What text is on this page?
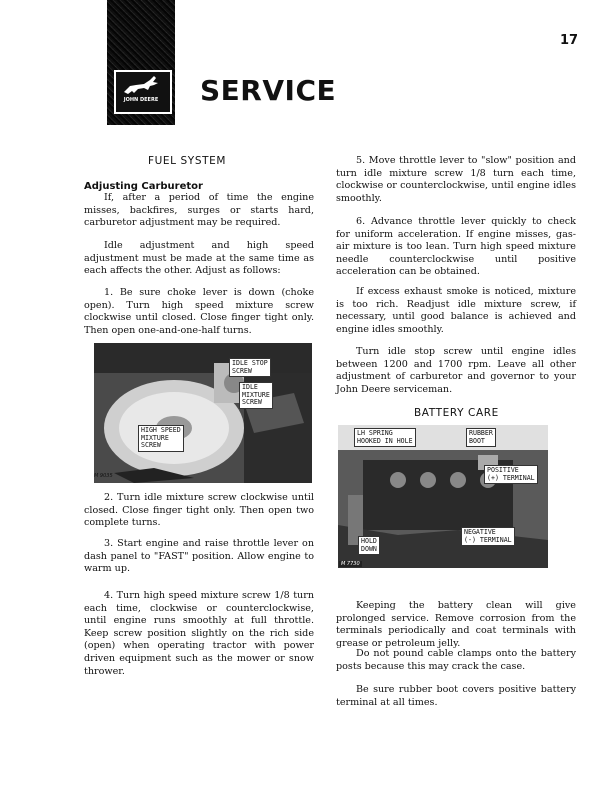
17
JOHN DEERE SERVICE
FUEL SYSTEM
Adjusting Carburetor
If, after a period of time the engine misses, backfires, surges or starts hard, carburetor adjustment may be required.
Idle adjustment and high speed adjustment must be made at the same time as each affects the other. Adjust as follows:
1. Be sure choke lever is down (choke open). Turn high speed mixture screw clockwise until closed. Close finger tight only. Then open one-and-one-half turns.
IDLE STOP
SCREW
IDLE
MIXTURE
SCREW
HIGH SPEED
MIXTURE
SCREW
M 9035
2. Turn idle mixture screw clockwise until closed. Close finger tight only. Then open two complete turns.
3. Start engine and raise throttle lever on dash panel to "FAST" position. Allow engine to warm up.
4. Turn high speed mixture screw 1/8 turn each time, clockwise or counterclockwise, until engine runs smoothly at full throttle. Keep screw position slightly on the rich side (open) when operating tractor with power driven equipment such as the mower or snow thrower.
5. Move throttle lever to "slow" position and turn idle mixture screw 1/8 turn each time, clockwise or counterclockwise, until engine idles smoothly.
6. Advance throttle lever quickly to check for uniform acceleration. If engine misses, gas-air mixture is too lean. Turn high speed mixture needle counterclockwise until positive acceleration can be obtained.
If excess exhaust smoke is noticed, mixture is too rich. Readjust idle mixture screw, if necessary, until good balance is achieved and engine idles smoothly.
Turn idle stop screw until engine idles between 1200 and 1700 rpm. Leave all other adjustment of carburetor and governor to your John Deere serviceman.
BATTERY CARE
LH SPRING
HOOKED IN HOLE
RUBBER
BOOT
POSITIVE
(+) TERMINAL
NEGATIVE
(-) TERMINAL
HOLD
DOWN
M 7730
Keeping the battery clean will give prolonged service. Remove corrosion from the terminals periodically and coat terminals with grease or petroleum jelly.
Do not pound cable clamps onto the battery posts because this may crack the case.
Be sure rubber boot covers positive battery terminal at all times.
